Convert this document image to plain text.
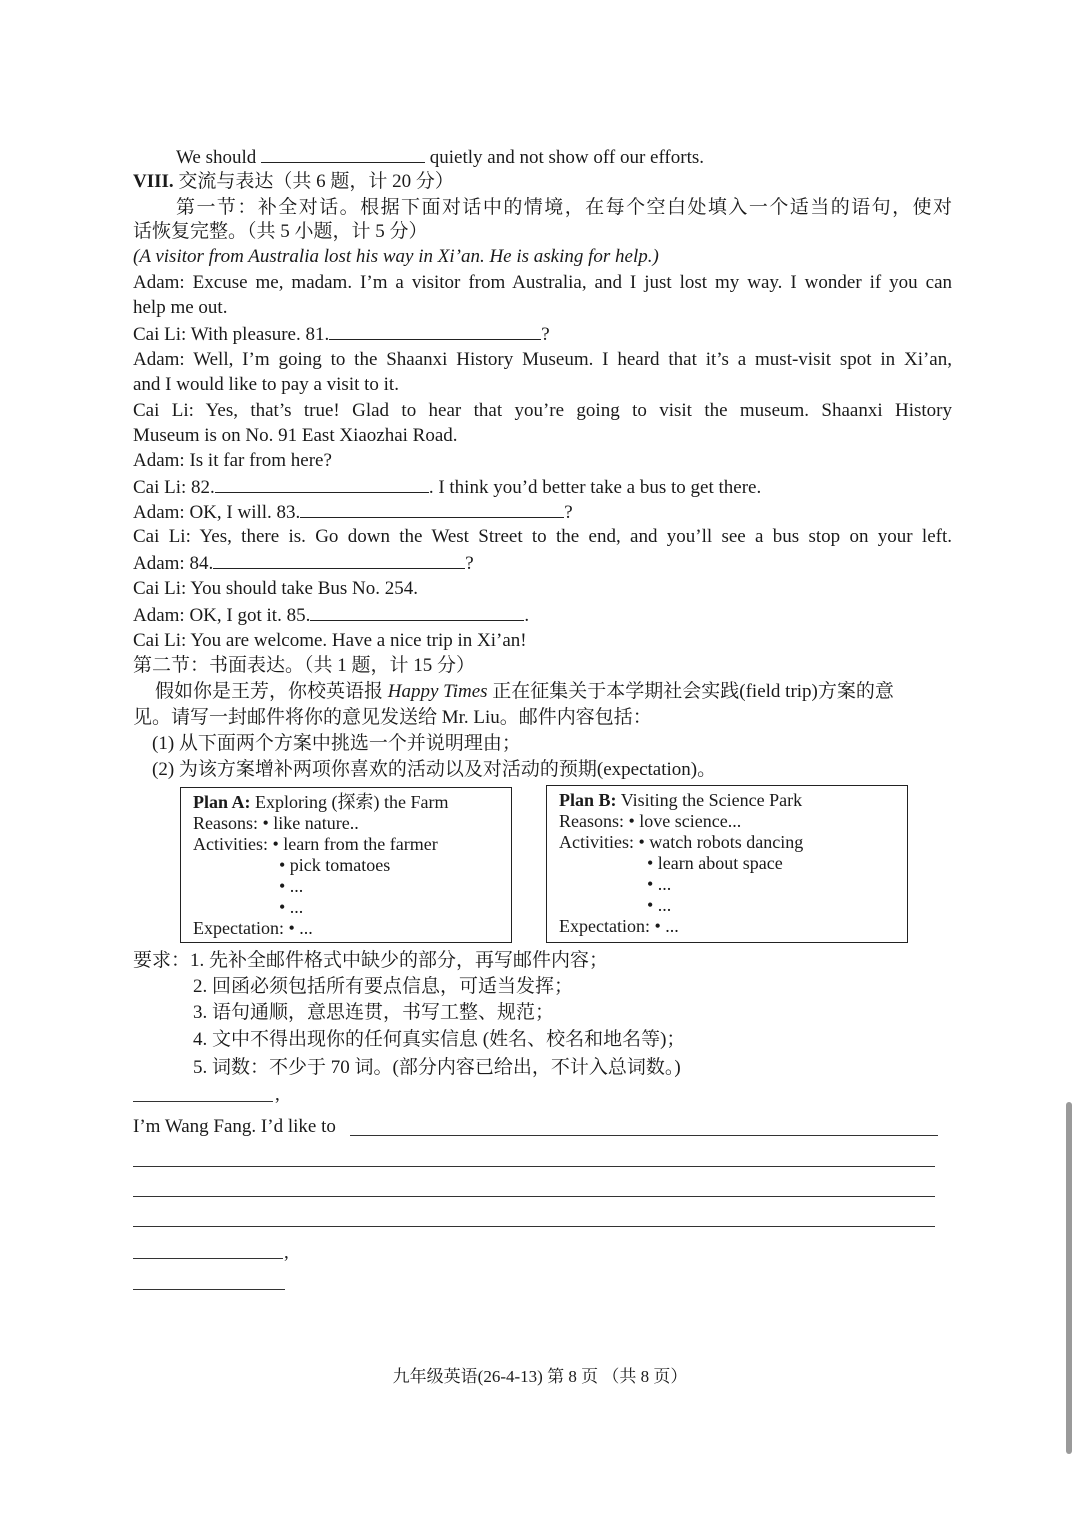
We should	quietly and not show off our efforts.
VIII. 交流与表达（共 6 题，计 20 分）
第一节：补全对话。根据下面对话中的情境，在每个空白处填入一个适当的语句，使对
话恢复完整。（共 5 小题，计 5 分）
(A visitor from Australia lost his way in Xi’an. He is asking for help.)
Adam: Excuse me, madam. I’m a visitor from Australia, and I just lost my way. I wonder if you can
help me out.
Cai Li: With pleasure. 81.	?
Adam: Well, I’m going to the Shaanxi History Museum. I heard that it’s a must-visit spot in Xi’an,
and I would like to pay a visit to it.
Cai Li: Yes, that’s true! Glad to hear that you’re going to visit the museum. Shaanxi History
Museum is on No. 91 East Xiaozhai Road.
Adam: Is it far from here?
Cai Li: 82.	. I think you’d better take a bus to get there.
Adam: OK, I will. 83.	?
Cai Li: Yes, there is. Go down the West Street to the end, and you’ll see a bus stop on your left.
Adam: 84.	?
Cai Li: You should take Bus No. 254.
Adam: OK, I got it. 85.	.
Cai Li: You are welcome. Have a nice trip in Xi’an!
第二节：书面表达。（共 1 题，计 15 分）
假如你是王芳，你校英语报 Happy Times 正在征集关于本学期社会实践(field trip)方案的意
见。请写一封邮件将你的意见发送给 Mr. Liu。邮件内容包括：
(1) 从下面两个方案中挑选一个并说明理由；
(2) 为该方案增补两项你喜欢的活动以及对活动的预期(expectation)。
Plan A: Exploring (探索) the Farm
Reasons: • like nature..
Activities: • learn from the farmer
• pick tomatoes
• ...
• ...
Expectation: • ...
Plan B: Visiting the Science Park
Reasons: • love science...
Activities: • watch robots dancing
• learn about space
• ...
• ...
Expectation: • ...
要求：1. 先补全邮件格式中缺少的部分，再写邮件内容；
2. 回函必须包括所有要点信息，可适当发挥；
3. 语句通顺，意思连贯，书写工整、规范；
4. 文中不得出现你的任何真实信息 (姓名、校名和地名等)；
5. 词数：不少于 70 词。(部分内容已给出，不计入总词数。)
,
I’m Wang Fang. I’d like to
,
九年级英语(26-4-13) 第 8 页 （共 8 页）
